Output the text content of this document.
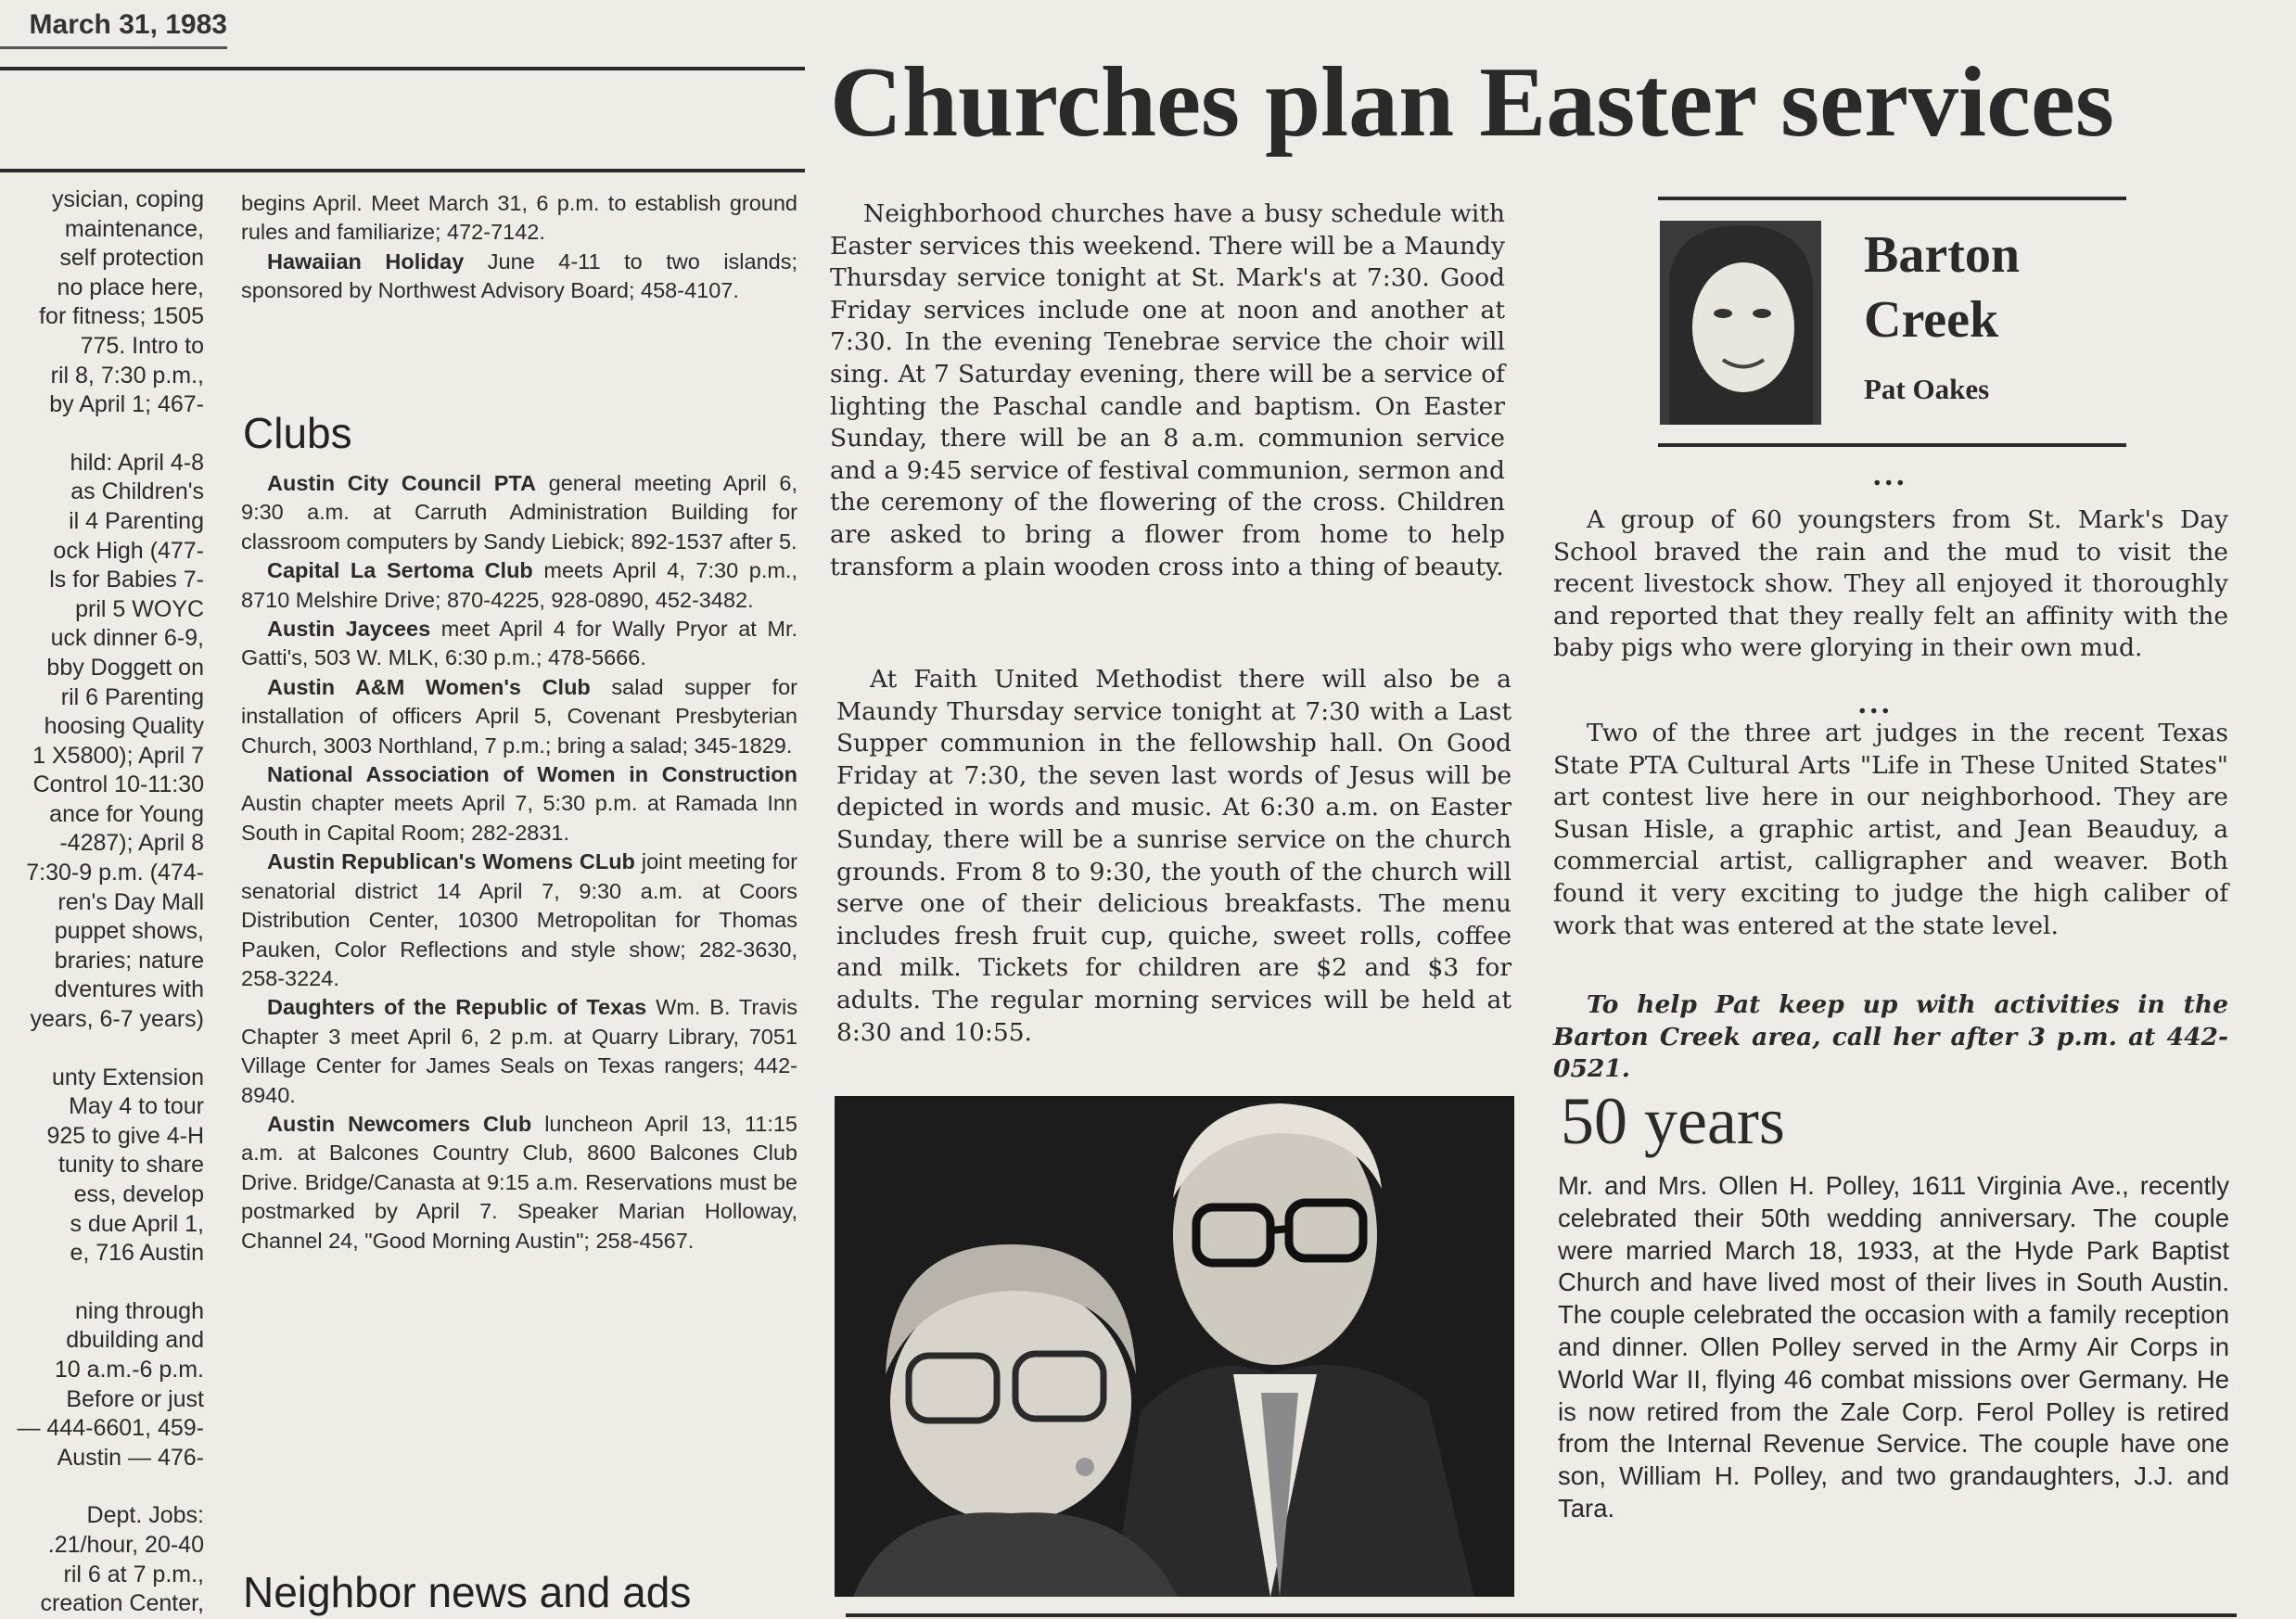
March 31, 1983

ysician, coping

maintenance,

self protection

no place here,

for fitness; 1505

775. Intro to

ril 8, 7:30 p.m.,

by April 1; 467-

hild: April 4-8

as Children's

il 4 Parenting

ock High (477-

ls for Babies 7-

pril 5 WOYC

uck dinner 6-9,

bby Doggett on

ril 6 Parenting

hoosing Quality

1 X5800); April 7

Control 10-11:30

ance for Young

-4287); April 8

7:30-9 p.m. (474-

ren's Day Mall

puppet shows,

braries; nature

dventures with

years, 6-7 years)

unty Extension

May 4 to tour

925 to give 4-H

tunity to share

ess, develop

s due April 1,

e, 716 Austin

ning through

dbuilding and

10 a.m.-6 p.m.

Before or just

— 444-6601, 459-

Austin — 476-

Dept. Jobs:

.21/hour, 20-40

ril 6 at 7 p.m.,

creation Center,

begins April. Meet March 31, 6 p.m. to establish ground rules and familiarize; 472-7142.

Hawaiian Holiday June 4-11 to two islands; sponsored by Northwest Advisory Board; 458-4107.

Clubs

Austin City Council PTA general meeting April 6, 9:30 a.m. at Carruth Administration Building for classroom computers by Sandy Liebick; 892-1537 after 5.

Capital La Sertoma Club meets April 4, 7:30 p.m., 8710 Melshire Drive; 870-4225, 928-0890, 452-3482.

Austin Jaycees meet April 4 for Wally Pryor at Mr. Gatti's, 503 W. MLK, 6:30 p.m.; 478-5666.

Austin A&M Women's Club salad supper for installation of officers April 5, Covenant Presbyterian Church, 3003 Northland, 7 p.m.; bring a salad; 345-1829.

National Association of Women in Construction Austin chapter meets April 7, 5:30 p.m. at Ramada Inn South in Capital Room; 282-2831.

Austin Republican's Womens CLub joint meeting for senatorial district 14 April 7, 9:30 a.m. at Coors Distribution Center, 10300 Metropolitan for Thomas Pauken, Color Reflections and style show; 282-3630, 258-3224.

Daughters of the Republic of Texas Wm. B. Travis Chapter 3 meet April 6, 2 p.m. at Quarry Library, 7051 Village Center for James Seals on Texas rangers; 442-8940.

Austin Newcomers Club luncheon April 13, 11:15 a.m. at Balcones Country Club, 8600 Balcones Club Drive. Bridge/Canasta at 9:15 a.m. Reservations must be postmarked by April 7. Speaker Marian Holloway, Channel 24, "Good Morning Austin"; 258-4567.

Neighbor news and ads
Churches plan Easter services

Neighborhood churches have a busy schedule with Easter services this weekend. There will be a Maundy Thursday service tonight at St. Mark's at 7:30. Good Friday services include one at noon and another at 7:30. In the evening Tenebrae service the choir will sing. At 7 Saturday evening, there will be a service of lighting the Paschal candle and baptism. On Easter Sunday, there will be an 8 a.m. communion service and a 9:45 service of festival communion, sermon and the ceremony of the flowering of the cross. Children are asked to bring a flower from home to help transform a plain wooden cross into a thing of beauty.

At Faith United Methodist there will also be a Maundy Thursday service tonight at 7:30 with a Last Supper communion in the fellowship hall. On Good Friday at 7:30, the seven last words of Jesus will be depicted in words and music. At 6:30 a.m. on Easter Sunday, there will be a sunrise service on the church grounds. From 8 to 9:30, the youth of the church will serve one of their delicious breakfasts. The menu includes fresh fruit cup, quiche, sweet rolls, coffee and milk. Tickets for children are $2 and $3 for adults. The regular morning services will be held at 8:30 and 10:55.

Barton
Creek
Pat Oakes
...

A group of 60 youngsters from St. Mark's Day School braved the rain and the mud to visit the recent livestock show. They all enjoyed it thoroughly and reported that they really felt an affinity with the baby pigs who were glorying in their own mud.

...

Two of the three art judges in the recent Texas State PTA Cultural Arts "Life in These United States" art contest live here in our neighborhood. They are Susan Hisle, a graphic artist, and Jean Beauduy, a commercial artist, calligrapher and weaver. Both found it very exciting to judge the high caliber of work that was entered at the state level.

To help Pat keep up with activities in the Barton Creek area, call her after 3 p.m. at 442-0521.

50 years
Mr. and Mrs. Ollen H. Polley, 1611 Virginia Ave., recently celebrated their 50th wedding anniversary. The couple were married March 18, 1933, at the Hyde Park Baptist Church and have lived most of their lives in South Austin. The couple celebrated the occasion with a family reception and dinner. Ollen Polley served in the Army Air Corps in World War II, flying 46 combat missions over Germany. He is now retired from the Zale Corp. Ferol Polley is retired from the Internal Revenue Service. The couple have one son, William H. Polley, and two grandaughters, J.J. and Tara.
